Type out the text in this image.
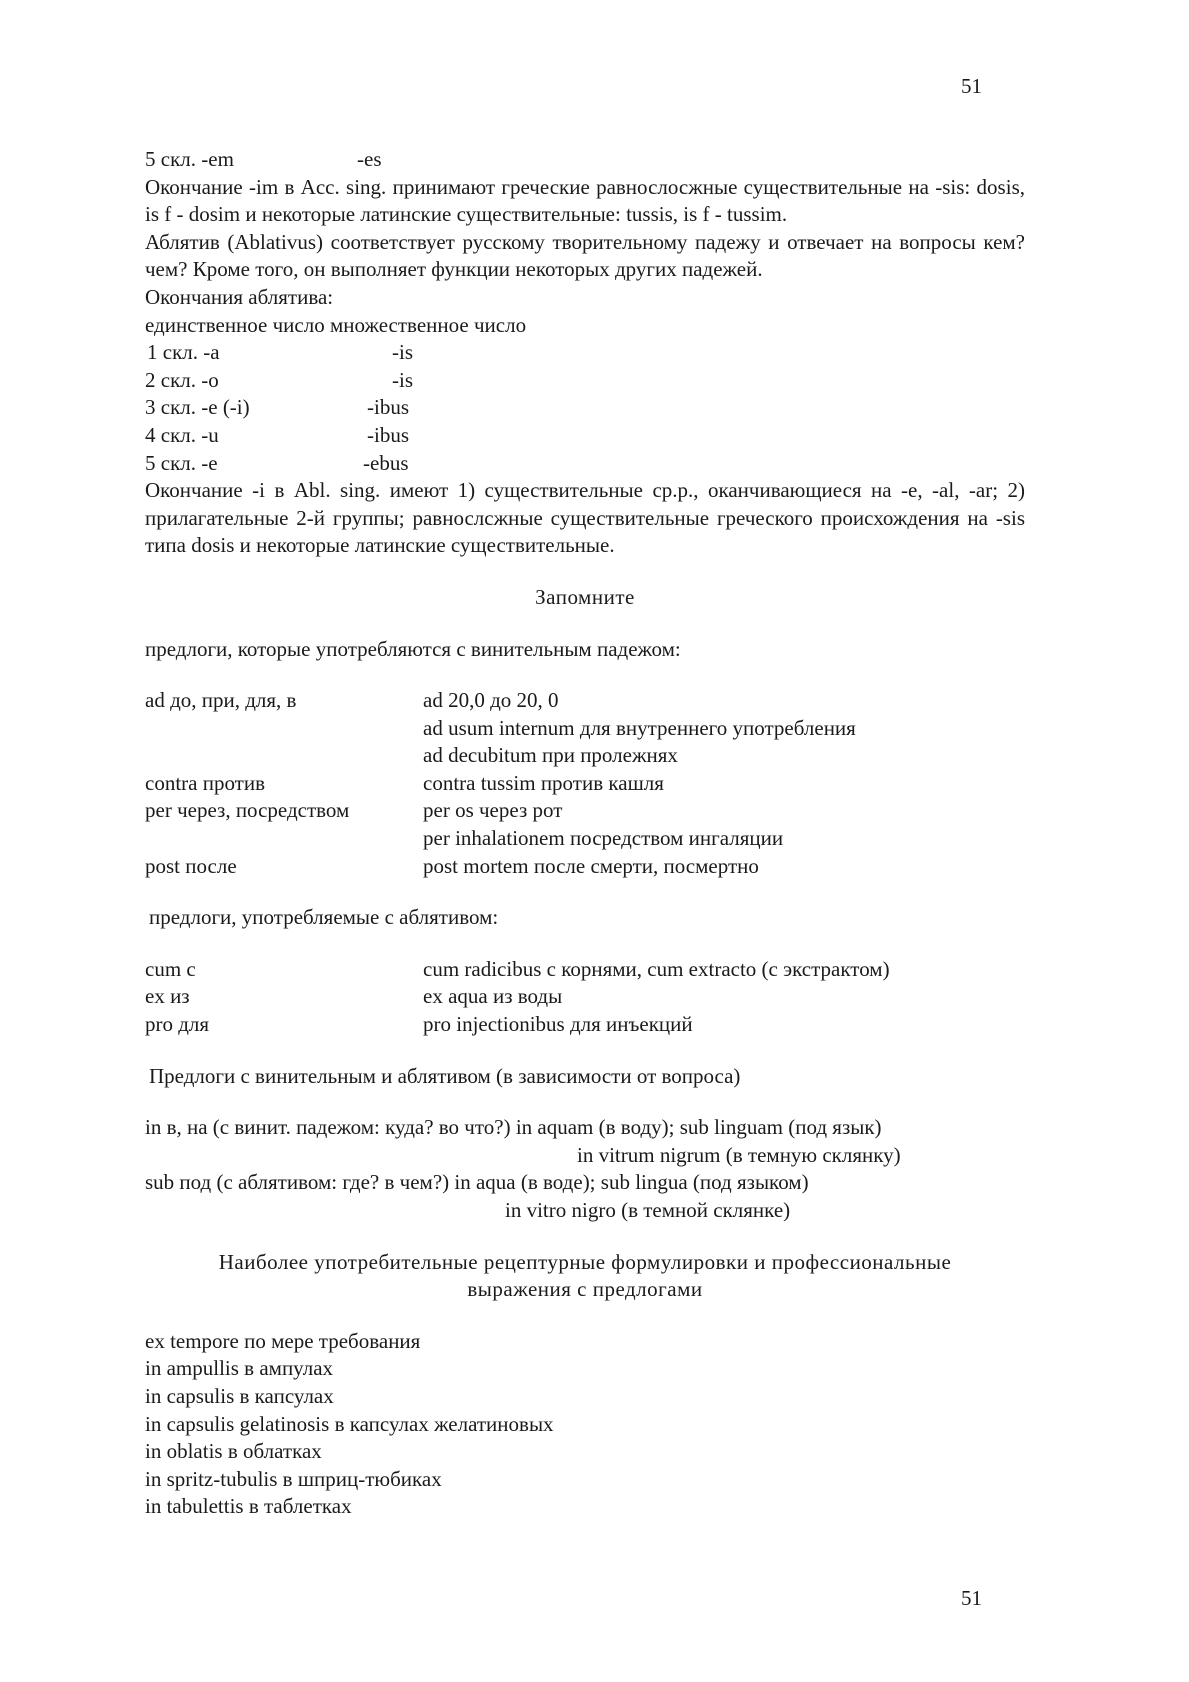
51
5 скл. -em	-es
Окончание -im в Acc. sing. принимают греческие равнослосжные существительные на -sis: dosis, is f - dosim и некоторые латинские существительные: tussis, is f - tussim.
Аблятив (Ablativus) соответствует русскому творительному падежу и отвечает на вопросы кем? чем? Кроме того, он выполняет функции некоторых других падежей.
Окончания аблятива:
единственное число множественное число
1 скл. -а	-is
2 скл. -о	-is
3 скл. -е (-i)	-ibus
4 скл. -u	-ibus
5 скл. -e	-ebus
Окончание -i в Abl. sing. имеют 1) существительные ср.р., оканчивающиеся на -e, -al, -ar; 2) прилагательные 2-й группы; равнослсжные существительные греческого происхождения на -sis типа dosis и некоторые латинские существительные.
Запомните
предлоги, которые употребляются с винительным падежом:
ad до, при, для, в	ad 20,0 до 20, 0
ad usum internum для внутреннего употребления
ad decubitum при пролежнях
contra против	contra tussim против кашля
per через, посредством	per os через рот
per inhalationem посредством ингаляции
post после	post mortem после смерти, посмертно
предлоги, употребляемые с аблятивом:
cum с	cum radicibus с корнями, cum extracto (с экстрактом)
ex из	ex aqua из воды
pro для	pro injectionibus для инъекций
Предлоги с винительным и аблятивом (в зависимости от вопроса)
in в, на (с винит. падежом: куда? во что?) in aquam (в воду); sub linguam (под язык)
in vitrum nigrum (в темную склянку)
sub под (с аблятивом: где? в чем?) in aqua (в воде); sub lingua (под языком)
in vitro nigro (в темной склянке)
Наиболее употребительные рецептурные формулировки и профессиональные
выражения с предлогами
ex tempore по мере требования
in ampullis в ампулах
in capsulis в капсулах
in capsulis gelatinosis в капсулах желатиновых
in oblatis в облатках
in spritz-tubulis в шприц-тюбиках
in tabulettis в таблетках
51
